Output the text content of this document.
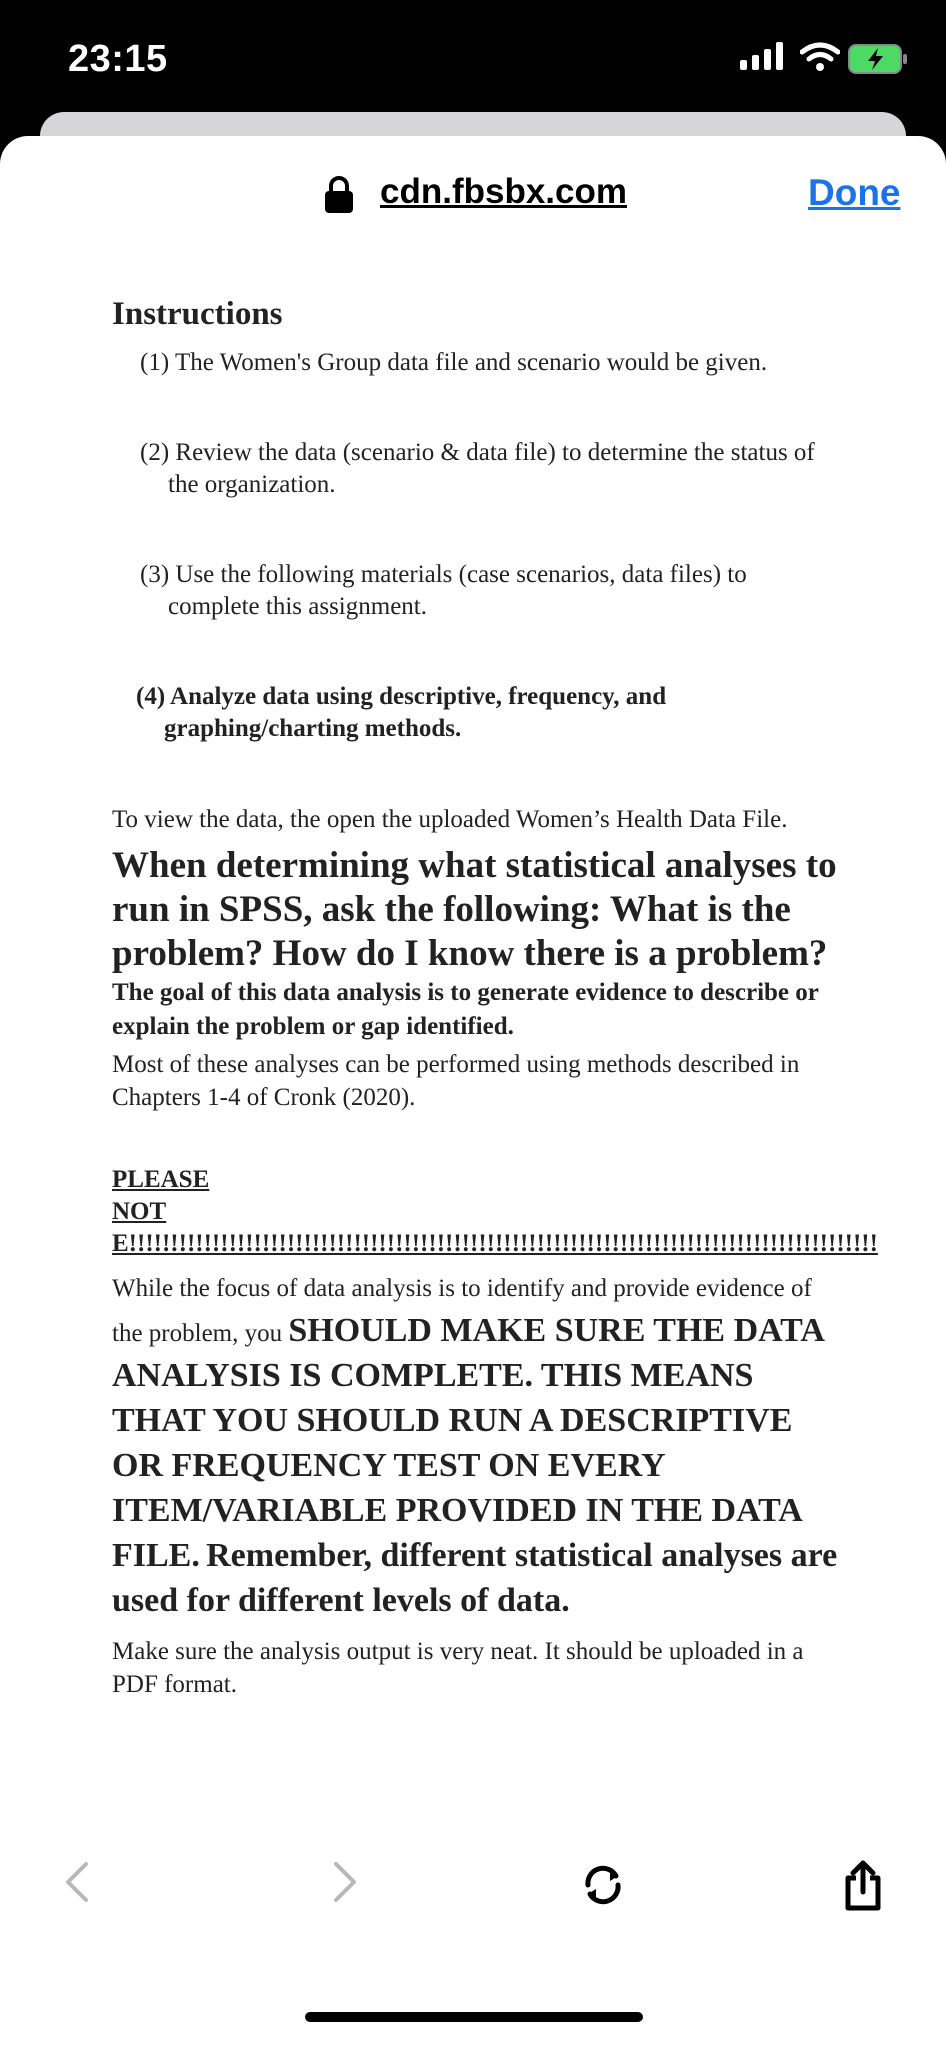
23:15
cdn.fbsbx.com	Done
Instructions
(1) The Women's Group data file and scenario would be given.
(2) Review the data (scenario & data file) to determine the status of the organization.
(3) Use the following materials (case scenarios, data files) to complete this assignment.
(4) Analyze data using descriptive, frequency, and graphing/charting methods.
To view the data, the open the uploaded Women’s Health Data File.
When determining what statistical analyses to run in SPSS, ask the following: What is the problem? How do I know there is a problem?
The goal of this data analysis is to generate evidence to describe or explain the problem or gap identified.
Most of these analyses can be performed using methods described in Chapters 1-4 of Cronk (2020).
PLEASE
NOTE!!!!!!!!!!!!!!!!!!!!!!!!!!!!!!!!!!!!!!!!!!!!!!!!!!!!!!!!!!!!!!!!!!!!!!!!!!!!!!!!!!!!!!!!!!
While the focus of data analysis is to identify and provide evidence of the problem, you SHOULD MAKE SURE THE DATA ANALYSIS IS COMPLETE. THIS MEANS THAT YOU SHOULD RUN A DESCRIPTIVE OR FREQUENCY TEST ON EVERY ITEM/VARIABLE PROVIDED IN THE DATA FILE. Remember, different statistical analyses are used for different levels of data.
Make sure the analysis output is very neat. It should be uploaded in a PDF format.
